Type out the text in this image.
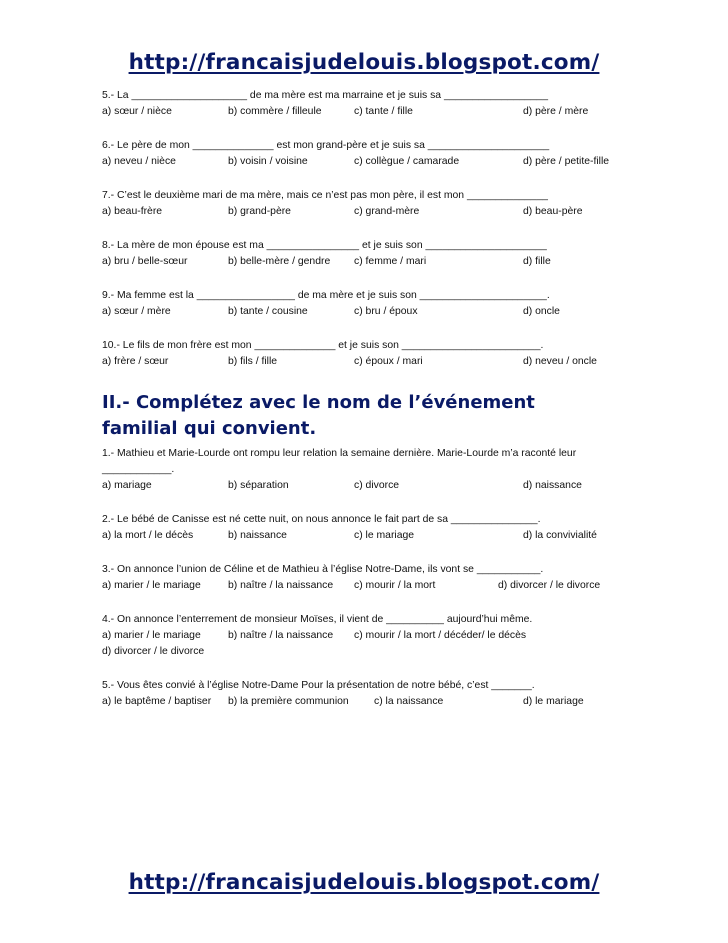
http://francaisjudelouis.blogspot.com/
5.- La ____________________ de ma mère est ma marraine et je suis sa __________________
a) sœur / nièce	b) commère / filleule	c) tante / fille	d) père / mère
6.- Le père de mon ______________ est mon grand-père et je suis sa _____________________
a) neveu / nièce	b) voisin / voisine	c) collègue / camarade	d) père / petite-fille
7.- C’est le deuxième mari de ma mère, mais ce n’est pas mon père, il est mon ______________
a) beau-frère	b) grand-père	c) grand-mère	d) beau-père
8.- La mère de mon épouse est ma ________________ et je suis son _____________________
a) bru / belle-sœur	b) belle-mère / gendre c) femme / mari	d) fille
9.- Ma femme est la _________________ de ma mère et je suis son ______________________.
a) sœur / mère	b) tante / cousine	c) bru / époux	d) oncle
10.- Le fils de mon frère est mon ______________ et je suis son ________________________.
a) frère / sœur	b) fils / fille	c) époux / mari	d) neveu / oncle
II.- Complétez avec le nom de l’événement familial qui convient.
1.- Mathieu et Marie-Lourde ont rompu leur relation la semaine dernière. Marie-Lourde m’a raconté leur ____________.
a) mariage	b) séparation	c) divorce	d) naissance
2.- Le bébé de Canisse est né cette nuit, on nous annonce le fait part de sa _______________.
a) la mort / le décès	b) naissance	c) le mariage	d) la convivialité
3.- On annonce l’union de Céline et de Mathieu à l’église Notre-Dame, ils vont se ___________.
a) marier / le mariage	b) naître / la naissance c) mourir / la mort	d) divorcer / le divorce
4.- On annonce l’enterrement de monsieur Moïses, il vient de __________ aujourd’hui même.
a) marier / le mariage	b) naître / la naissance c) mourir / la mort / décéder/ le décès
d) divorcer / le divorce
5.- Vous êtes convié à l’église Notre-Dame Pour la présentation de notre bébé, c’est _______.
a) le baptême / baptiser b) la première communion c) la naissance	d) le mariage
http://francaisjudelouis.blogspot.com/
